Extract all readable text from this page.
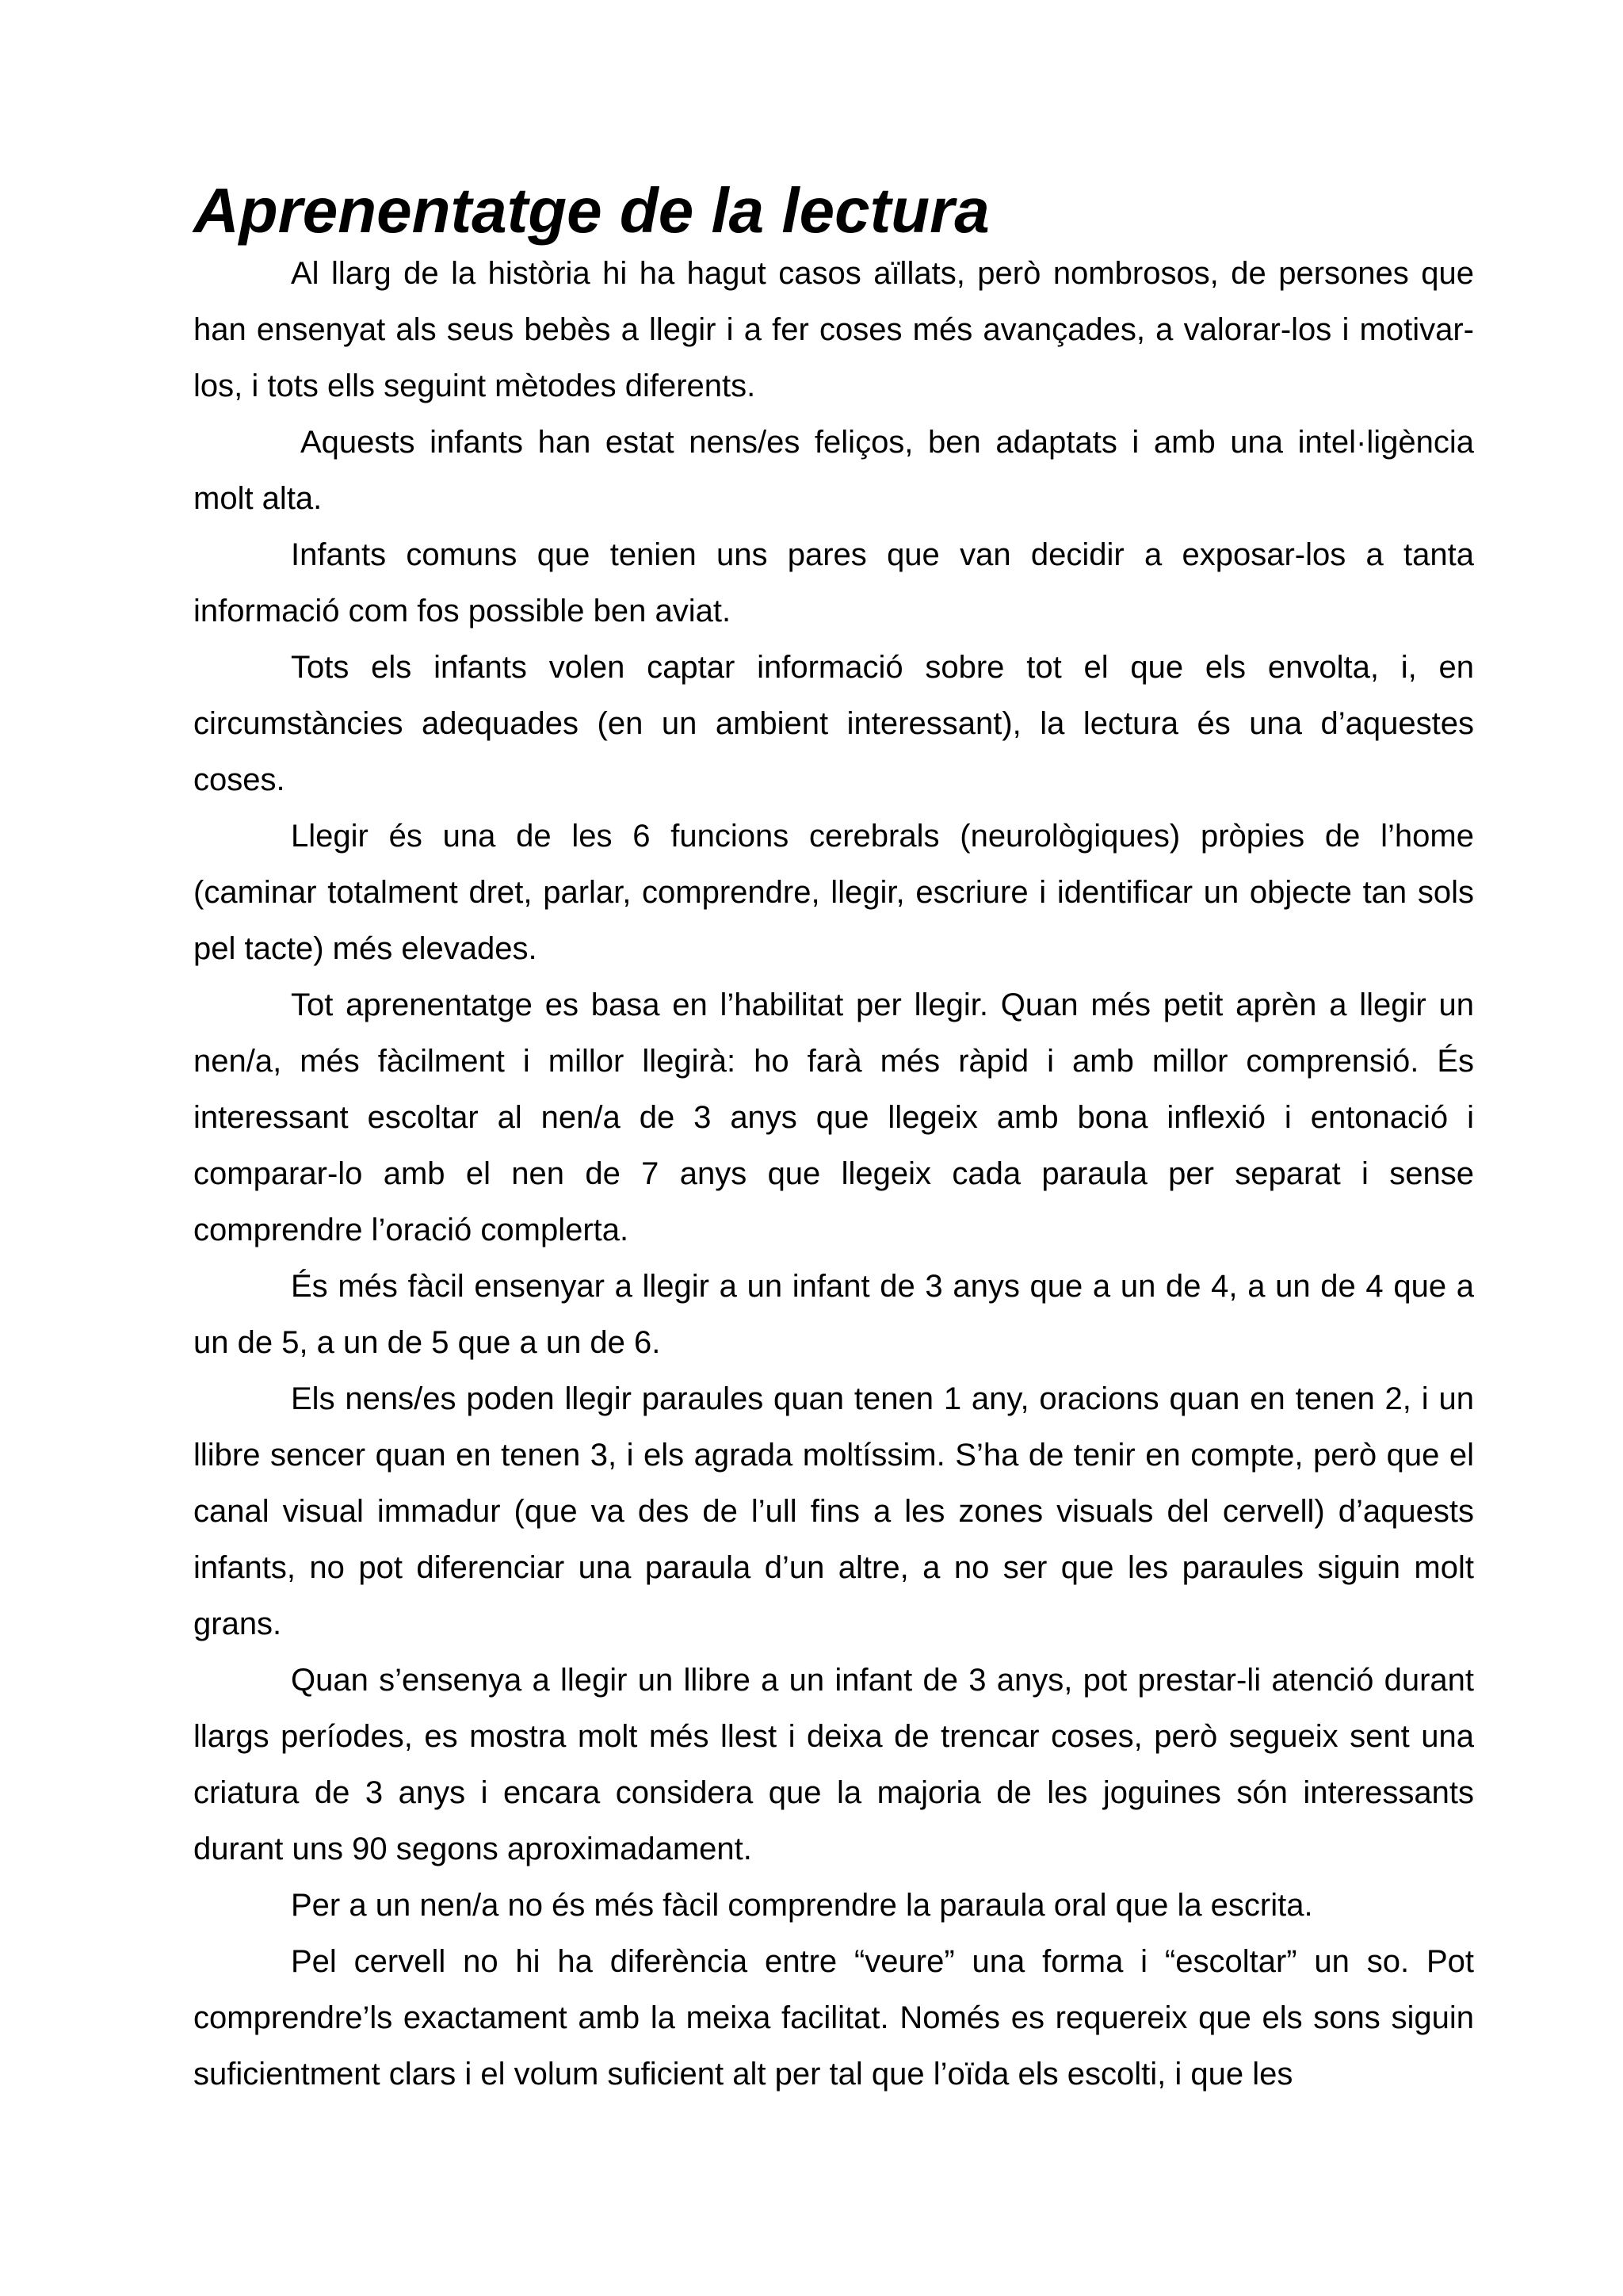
Aprenentatge de la lectura

Al llarg de la història hi ha hagut casos aïllats, però nombrosos, de persones que han ensenyat als seus bebès a llegir i a fer coses més avançades, a valorar-los i motivar-los, i tots ells seguint mètodes diferents.

Aquests infants han estat nens/es feliços, ben adaptats i amb una intel·ligència molt alta.

Infants comuns que tenien uns pares que van decidir a exposar-los a tanta informació com fos possible ben aviat.

Tots els infants volen captar informació sobre tot el que els envolta, i, en circumstàncies adequades (en un ambient interessant), la lectura és una d’aquestes coses.

Llegir és una de les 6 funcions cerebrals (neurològiques) pròpies de l’home (caminar totalment dret, parlar, comprendre, llegir, escriure i identificar un objecte tan sols pel tacte) més elevades.

Tot aprenentatge es basa en l’habilitat per llegir. Quan més petit aprèn a llegir un nen/a, més fàcilment i millor llegirà: ho farà més ràpid i amb millor comprensió. És interessant escoltar al nen/a de 3 anys que llegeix amb bona inflexió i entonació i comparar-lo amb el nen de 7 anys que llegeix cada paraula per separat i sense comprendre l’oració complerta.

És més fàcil ensenyar a llegir a un infant de 3 anys que a un de 4, a un de 4 que a un de 5, a un de 5 que a un de 6.

Els nens/es poden llegir paraules quan tenen 1 any, oracions quan en tenen 2, i un llibre sencer quan en tenen 3, i els agrada moltíssim. S’ha de tenir en compte, però que el canal visual immadur (que va des de l’ull fins a les zones visuals del cervell) d’aquests infants, no pot diferenciar una paraula d’un altre, a no ser que les paraules siguin molt grans.

Quan s’ensenya a llegir un llibre a un infant de 3 anys, pot prestar-li atenció durant llargs períodes, es mostra molt més llest i deixa de trencar coses, però segueix sent una criatura de 3 anys i encara considera que la majoria de les joguines són interessants durant uns 90 segons aproximadament.

Per a un nen/a no és més fàcil comprendre la paraula oral que la escrita.

Pel cervell no hi ha diferència entre “veure” una forma i “escoltar” un so. Pot comprendre’ls exactament amb la meixa facilitat. Només es requereix que els sons siguin suficientment clars i el volum suficient alt per tal que l’oïda els escolti, i que les
